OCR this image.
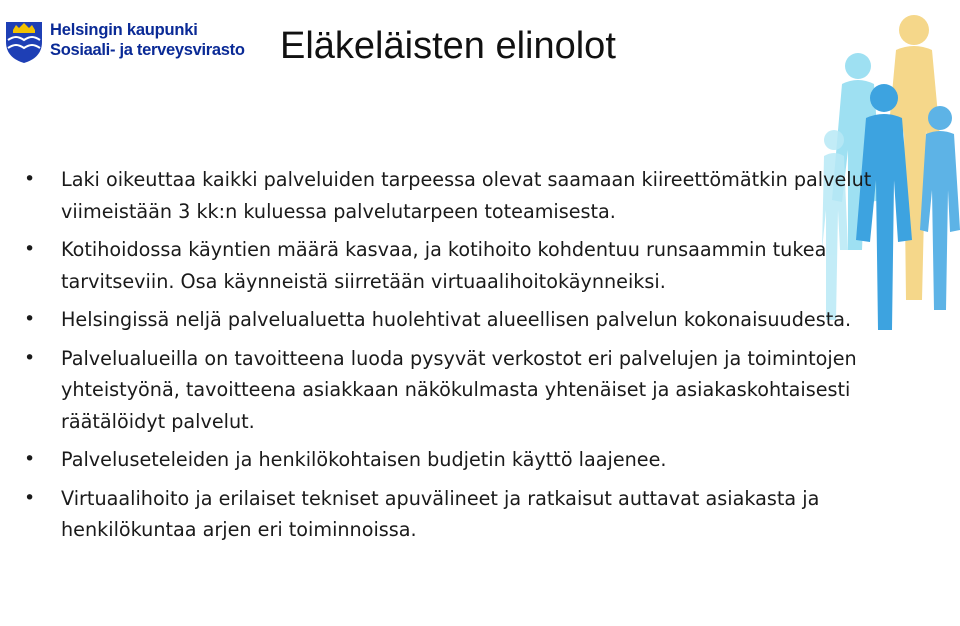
Helsingin kaupunki
Sosiaali- ja terveysvirasto Eläkeläisten elinolot
• Laki oikeuttaa kaikki palveluiden tarpeessa olevat saamaan kiireettömätkin palvelut viimeistään 3 kk:n kuluessa palvelutarpeen toteamisesta.
• Kotihoidossa käyntien määrä kasvaa, ja kotihoito kohdentuu runsaammin tukea tarvitseviin. Osa käynneistä siirretään virtuaalihoitokäynneiksi.
• Helsingissä neljä palvelualuetta huolehtivat alueellisen palvelun kokonaisuudesta.
• Palvelualueilla on tavoitteena luoda pysyvät verkostot eri palvelujen ja toimintojen yhteistyönä, tavoitteena asiakkaan näkökulmasta yhtenäiset ja asiakaskohtaisesti räätälöidyt palvelut.
• Palveluseteleiden ja henkilökohtaisen budjetin käyttö laajenee.
• Virtuaalihoito ja erilaiset tekniset apuvälineet ja ratkaisut auttavat asiakasta ja henkilökuntaa arjen eri toiminnoissa.
